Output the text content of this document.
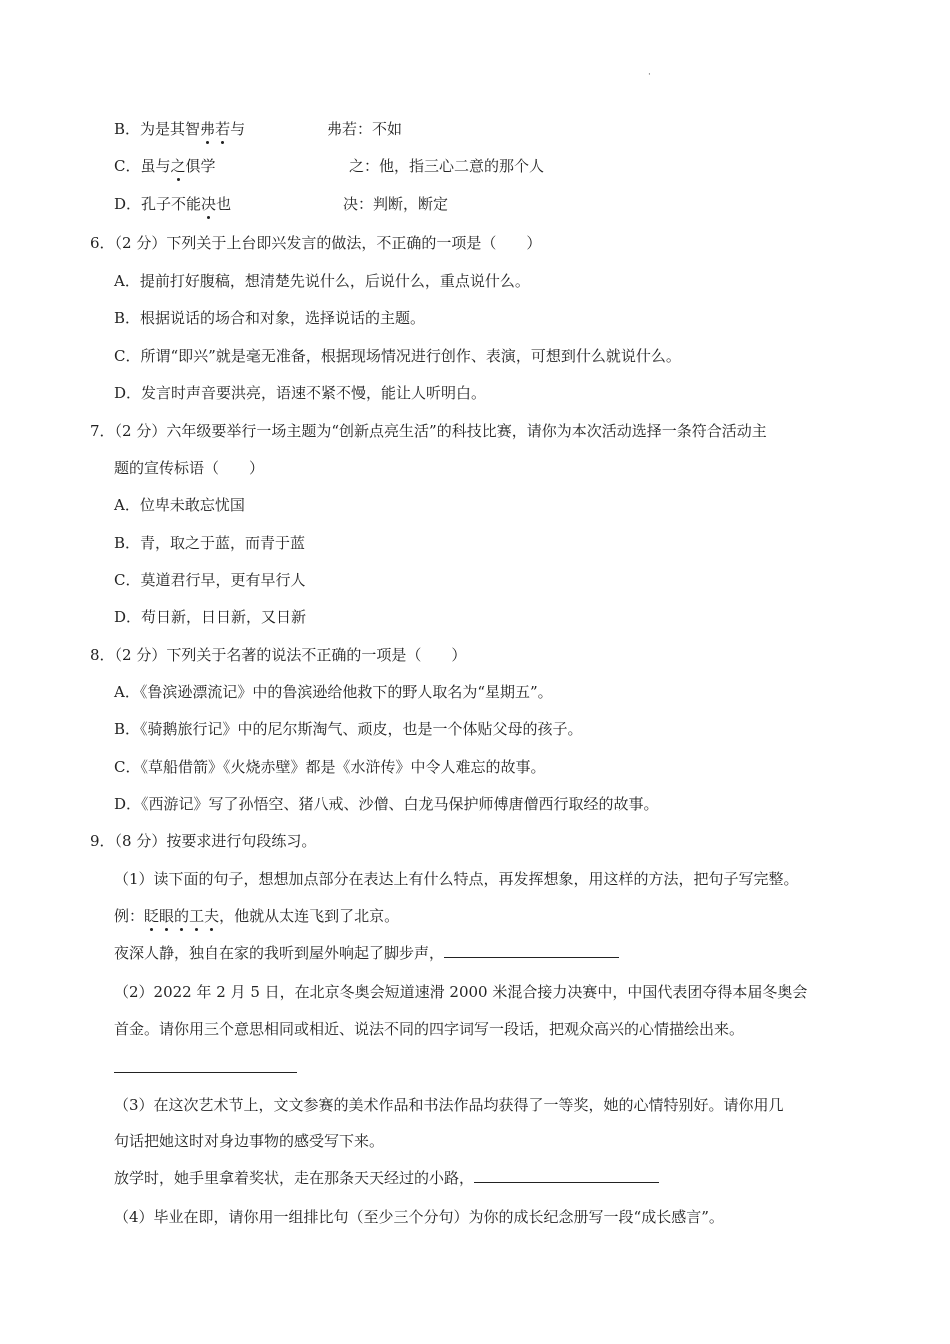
·
B．为是其智弗若与	弗若：不如
C．虽与之俱学	之：他，指三心二意的那个人
D．孔子不能决也	决：判断，断定
6．（2 分）下列关于上台即兴发言的做法，不正确的一项是（　　）
A．提前打好腹稿，想清楚先说什么，后说什么，重点说什么。
B．根据说话的场合和对象，选择说话的主题。
C．所谓“即兴”就是毫无准备，根据现场情况进行创作、表演，可想到什么就说什么。
D．发言时声音要洪亮，语速不紧不慢，能让人听明白。
7．（2 分）六年级要举行一场主题为“创新点亮生活”的科技比赛，请你为本次活动选择一条符合活动主
题的宣传标语（　　）
A．位卑未敢忘忧国
B．青，取之于蓝，而青于蓝
C．莫道君行早，更有早行人
D．苟日新，日日新，又日新
8．（2 分）下列关于名著的说法不正确的一项是（　　）
A．《鲁滨逊漂流记》中的鲁滨逊给他救下的野人取名为“星期五”。
B．《骑鹅旅行记》中的尼尔斯淘气、顽皮，也是一个体贴父母的孩子。
C．《草船借箭》《火烧赤壁》都是《水浒传》中令人难忘的故事。
D．《西游记》写了孙悟空、猪八戒、沙僧、白龙马保护师傅唐僧西行取经的故事。
9．（8 分）按要求进行句段练习。
（1）读下面的句子，想想加点部分在表达上有什么特点，再发挥想象，用这样的方法，把句子写完整。
例：眨眼的工夫，他就从太连飞到了北京。
夜深人静，独自在家的我听到屋外响起了脚步声，
（2）2022 年 2 月 5 日，在北京冬奥会短道速滑 2000 米混合接力决赛中，中国代表团夺得本届冬奥会
首金。请你用三个意思相同或相近、说法不同的四字词写一段话，把观众高兴的心情描绘出来。
（3）在这次艺术节上，文文参赛的美术作品和书法作品均获得了一等奖，她的心情特别好。请你用几
句话把她这时对身边事物的感受写下来。
放学时，她手里拿着奖状，走在那条天天经过的小路，
（4）毕业在即，请你用一组排比句（至少三个分句）为你的成长纪念册写一段“成长感言”。
